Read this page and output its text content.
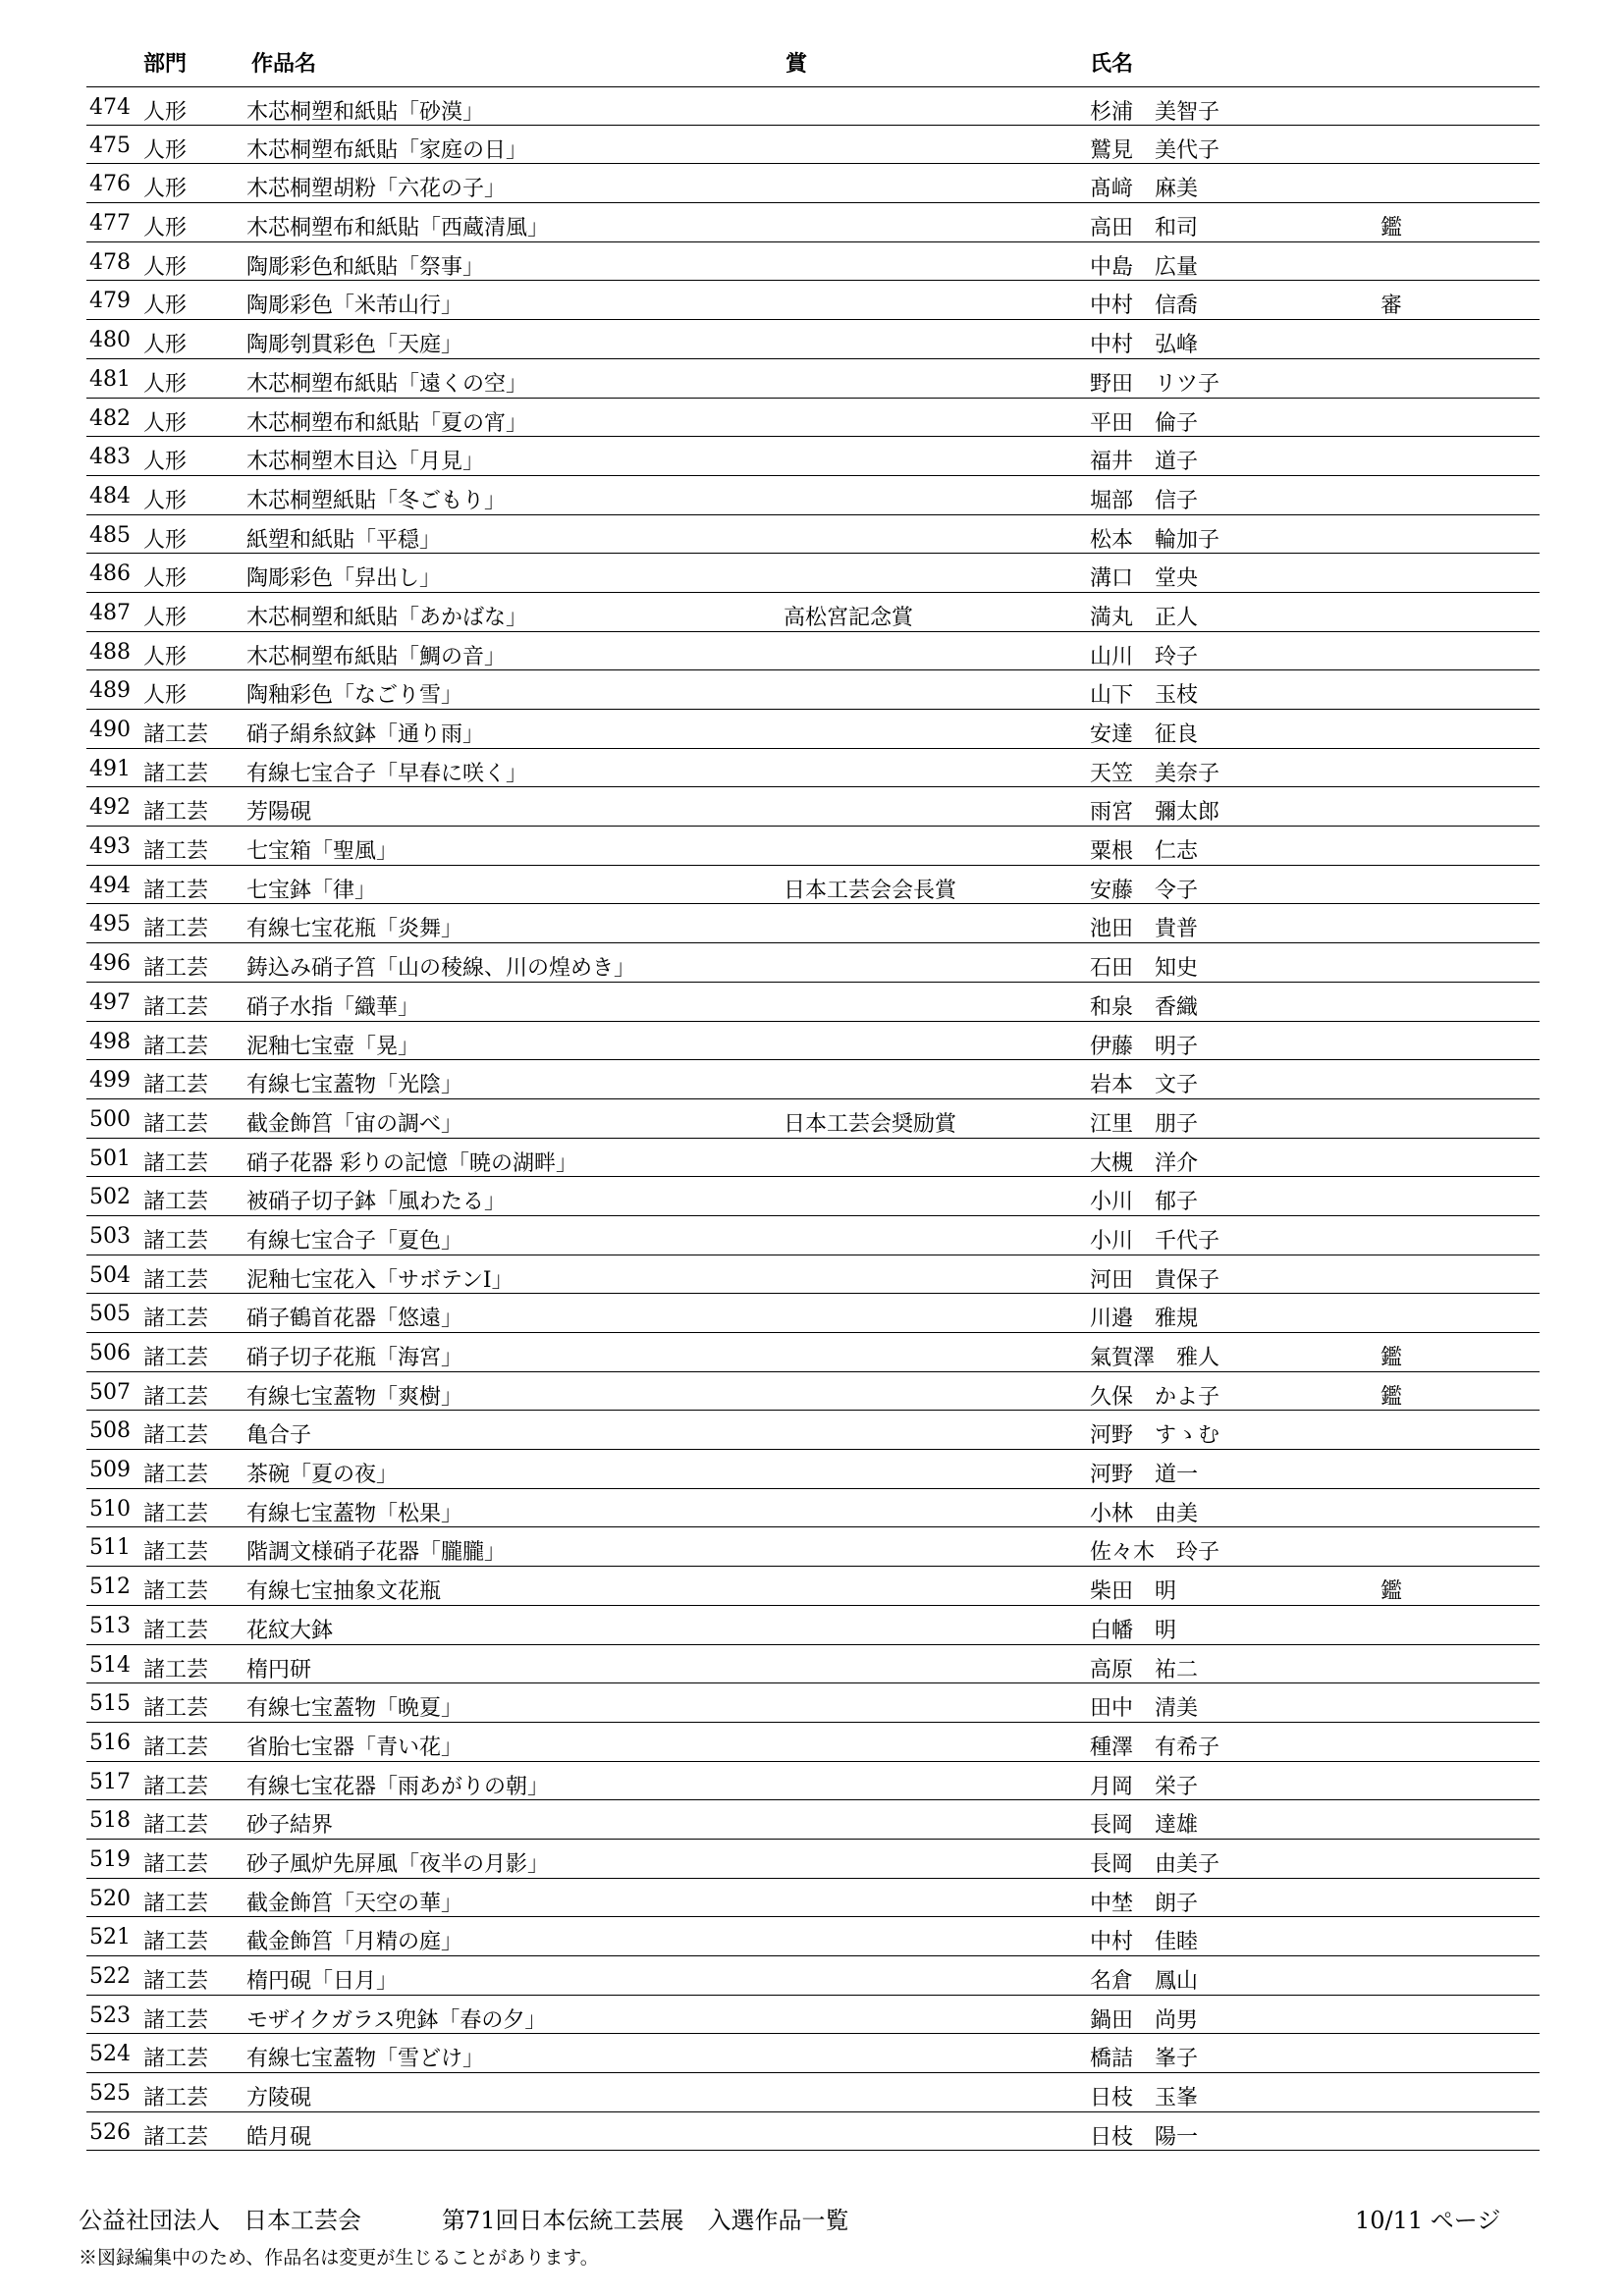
部門	作品名	賞	氏名
474 人形	木芯桐塑和紙貼「砂漠」	杉浦　美智子
475 人形	木芯桐塑布紙貼「家庭の日」	鷲見　美代子
476 人形	木芯桐塑胡粉「六花の子」	髙﨑　麻美
477 人形	木芯桐塑布和紙貼「西蔵清風」	高田　和司	鑑
478 人形	陶彫彩色和紙貼「祭事」	中島　広量
479 人形	陶彫彩色「米芾山行」	中村　信喬	審
480 人形	陶彫刳貫彩色「天庭」	中村　弘峰
481 人形	木芯桐塑布紙貼「遠くの空」	野田　リツ子
482 人形	木芯桐塑布和紙貼「夏の宵」	平田　倫子
483 人形	木芯桐塑木目込「月見」	福井　道子
484 人形	木芯桐塑紙貼「冬ごもり」	堀部　信子
485 人形	紙塑和紙貼「平穏」	松本　輪加子
486 人形	陶彫彩色「舁出し」	溝口　堂央
487 人形	木芯桐塑和紙貼「あかばな」	高松宮記念賞	満丸　正人
488 人形	木芯桐塑布紙貼「鯛の音」	山川　玲子
489 人形	陶釉彩色「なごり雪」	山下　玉枝
490 諸工芸 硝子絹糸紋鉢「通り雨」	安達　征良
491 諸工芸 有線七宝合子「早春に咲く」	天笠　美奈子
492 諸工芸 芳陽硯	雨宮　彌太郎
493 諸工芸 七宝箱「聖風」	粟根　仁志
494 諸工芸 七宝鉢「律」	日本工芸会会長賞	安藤　令子
495 諸工芸 有線七宝花瓶「炎舞」	池田　貴普
496 諸工芸 鋳込み硝子筥「山の稜線、川の煌めき」	石田　知史
497 諸工芸 硝子水指「織華」	和泉　香織
498 諸工芸 泥釉七宝壺「晃」	伊藤　明子
499 諸工芸 有線七宝蓋物「光陰」	岩本　文子
500 諸工芸 截金飾筥「宙の調べ」	日本工芸会奨励賞	江里　朋子
501 諸工芸 硝子花器 彩りの記憶「暁の湖畔」	大槻　洋介
502 諸工芸 被硝子切子鉢「風わたる」	小川　郁子
503 諸工芸 有線七宝合子「夏色」	小川　千代子
504 諸工芸 泥釉七宝花入「サボテンⅠ」	河田　貴保子
505 諸工芸 硝子鶴首花器「悠遠」	川邉　雅規
506 諸工芸 硝子切子花瓶「海宮」	氣賀澤　雅人	鑑
507 諸工芸 有線七宝蓋物「爽樹」	久保　かよ子	鑑
508 諸工芸 亀合子	河野　すゝむ
509 諸工芸 茶碗「夏の夜」	河野　道一
510 諸工芸 有線七宝蓋物「松果」	小林　由美
511 諸工芸 階調文様硝子花器「朧朧」	佐々木　玲子
512 諸工芸 有線七宝抽象文花瓶	柴田　明	鑑
513 諸工芸 花紋大鉢	白幡　明
514 諸工芸 楕円研	高原　祐二
515 諸工芸 有線七宝蓋物「晩夏」	田中　清美
516 諸工芸 省胎七宝器「青い花」	種澤　有希子
517 諸工芸 有線七宝花器「雨あがりの朝」	月岡　栄子
518 諸工芸 砂子結界	長岡　達雄
519 諸工芸 砂子風炉先屏風「夜半の月影」	長岡　由美子
520 諸工芸 截金飾筥「天空の華」	中埜　朗子
521 諸工芸 截金飾筥「月精の庭」	中村　佳睦
522 諸工芸 楕円硯「日月」	名倉　鳳山
523 諸工芸 モザイクガラス兜鉢「春の夕」	鍋田　尚男
524 諸工芸 有線七宝蓋物「雪どけ」	橋詰　峯子
525 諸工芸 方陵硯	日枝　玉峯
526 諸工芸 皓月硯	日枝　陽一
公益社団法人　日本工芸会	第71回日本伝統工芸展　入選作品一覧	10/11 ページ
※図録編集中のため、作品名は変更が生じることがあります。
